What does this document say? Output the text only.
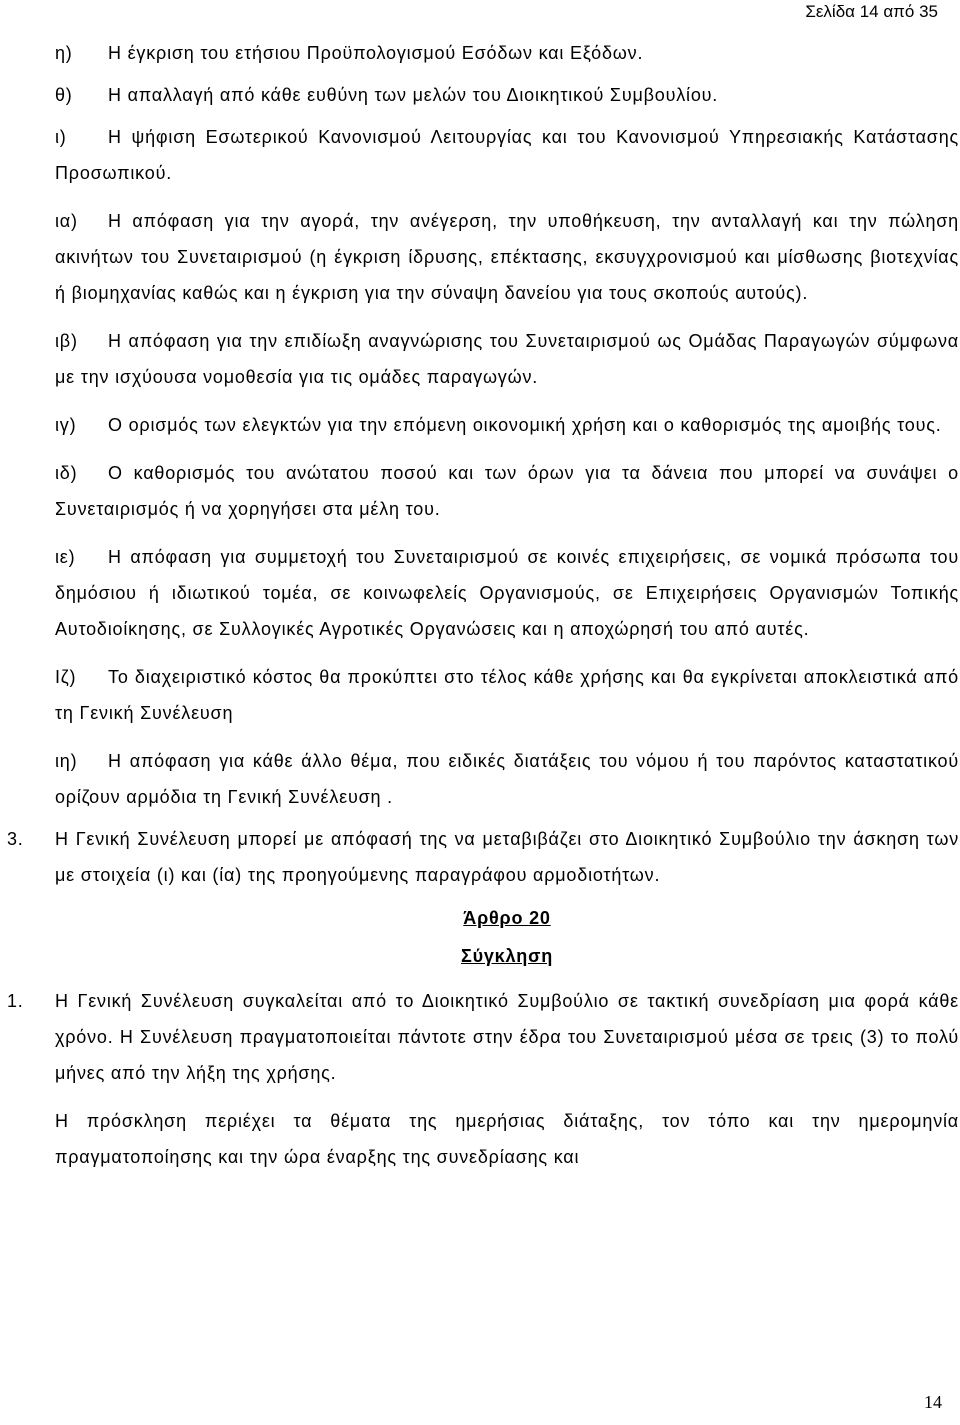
Σελίδα 14 από 35

η) Η έγκριση του ετήσιου Προϋπολογισμού Εσόδων και Εξόδων.

θ) Η απαλλαγή από κάθε ευθύνη των μελών του Διοικητικού Συμβουλίου.

ι) Η ψήφιση Εσωτερικού Κανονισμού Λειτουργίας και του Κανονισμού Υπηρεσιακής Κατάστασης Προσωπικού.

ια) Η απόφαση για την αγορά, την ανέγερση, την υποθήκευση, την ανταλλαγή και την πώληση ακινήτων του Συνεταιρισμού (η έγκριση ίδρυσης, επέκτασης, εκσυγχρονισμού και μίσθωσης βιοτεχνίας ή βιομηχανίας καθώς και η έγκριση για την σύναψη δανείου για τους σκοπούς αυτούς).

ιβ) Η απόφαση για την επιδίωξη αναγνώρισης του Συνεταιρισμού ως Ομάδας Παραγωγών σύμφωνα με την ισχύουσα νομοθεσία για τις ομάδες παραγωγών.

ιγ) Ο ορισμός των ελεγκτών για την επόμενη οικονομική χρήση και ο καθορισμός της αμοιβής τους.

ιδ) Ο καθορισμός του ανώτατου ποσού και των όρων για τα δάνεια που μπορεί να συνάψει ο Συνεταιρισμός ή να χορηγήσει στα μέλη του.

ιε) Η απόφαση για συμμετοχή του Συνεταιρισμού σε κοινές επιχειρήσεις, σε νομικά πρόσωπα του δημόσιου ή ιδιωτικού τομέα, σε κοινωφελείς Οργανισμούς, σε Επιχειρήσεις Οργανισμών Τοπικής Αυτοδιοίκησης, σε Συλλογικές Αγροτικές Οργανώσεις και η αποχώρησή του από αυτές.

Ιζ) Το διαχειριστικό κόστος θα προκύπτει στο τέλος κάθε χρήσης και θα εγκρίνεται αποκλειστικά από τη Γενική Συνέλευση

ιη) Η απόφαση για κάθε άλλο θέμα, που ειδικές διατάξεις του νόμου ή του παρόντος καταστατικού ορίζουν αρμόδια τη Γενική Συνέλευση .

3. Η Γενική Συνέλευση μπορεί με απόφασή της να μεταβιβάζει στο Διοικητικό Συμβούλιο την άσκηση των με στοιχεία (ι) και (ία) της προηγούμενης παραγράφου αρμοδιοτήτων.

Άρθρο 20

Σύγκληση

1. Η Γενική Συνέλευση συγκαλείται από το Διοικητικό Συμβούλιο σε τακτική συνεδρίαση μια φορά κάθε χρόνο. Η Συνέλευση πραγματοποιείται πάντοτε στην έδρα του Συνεταιρισμού μέσα σε τρεις (3) το πολύ μήνες από την λήξη της χρήσης.

Η πρόσκληση περιέχει τα θέματα της ημερήσιας διάταξης, τον τόπο και την ημερομηνία πραγματοποίησης και την ώρα έναρξης της συνεδρίασης και

14
